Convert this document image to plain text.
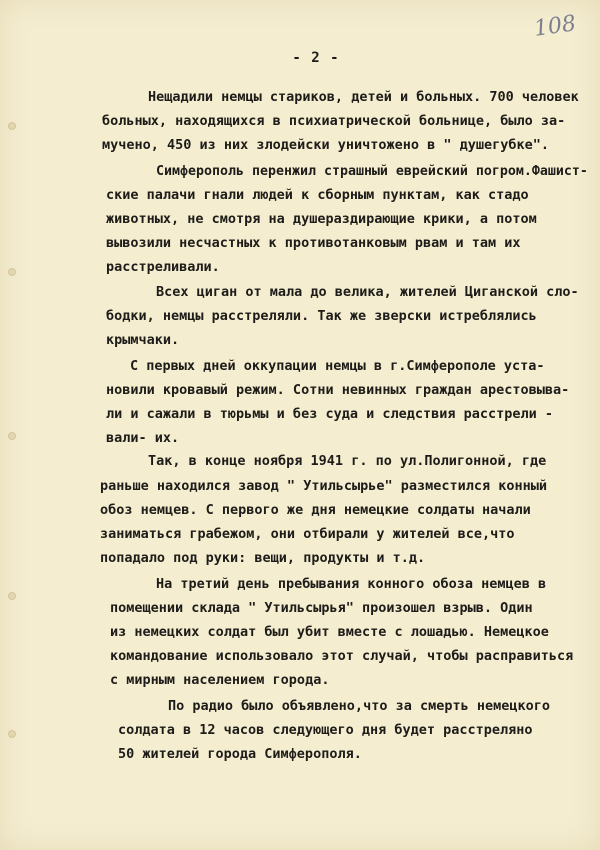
108
- 2 -

Нещадили немцы стариков, детей и больных. 700 человек

больных, находящихся в психиатрической больнице, было за-

мучено, 450 из них злодейски уничтожено в " душегубке".

Симферополь перенжил страшный еврейский погром.Фашист-

ские палачи гнали людей к сборным пунктам, как стадо

животных, не смотря на душераздирающие крики, а потом

вывозили несчастных к противотанковым рвам и там их

расстреливали.

Всех циган от мала до велика, жителей Циганской сло-

бодки, немцы расстреляли. Так же зверски истреблялись

крымчаки.

С первых дней оккупации немцы в г.Симферополе уста-

новили кровавый режим. Сотни невинных граждан арестовыва-

ли и сажали в тюрьмы и без суда и следствия расстрели -

вали- их.

Так, в конце ноября 1941 г. по ул.Полигонной, где

раньше находился завод " Утильсырье" разместился конный

обоз немцев. С первого же дня немецкие солдаты начали

заниматься грабежом, они отбирали у жителей все,что

попадало под руки: вещи, продукты и т.д.

На третий день пребывания конного обоза немцев в

помещении склада " Утильсырья" произошел взрыв. Один

из немецких солдат был убит вместе с лошадью. Немецкое

командование использовало этот случай, чтобы расправиться

с мирным населением города.

По радио было объявлено,что за смерть немецкого

солдата в 12 часов следующего дня будет расстреляно

50 жителей города Симферополя.
